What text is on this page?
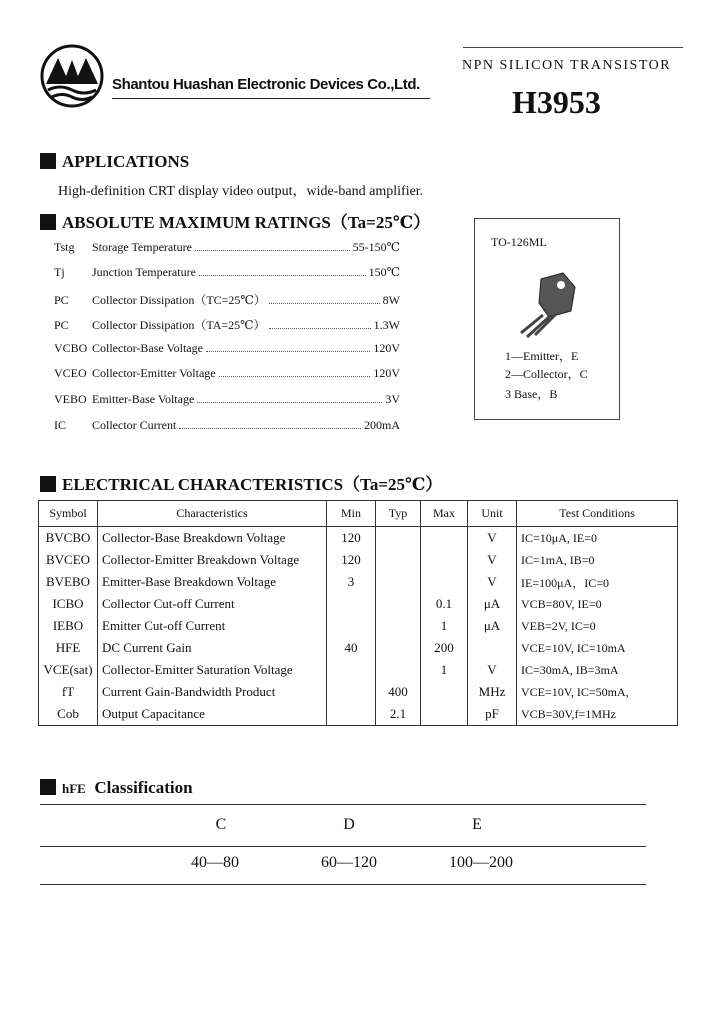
Shantou Huashan Electronic Devices Co.,Ltd.
NPN SILICON TRANSISTOR
H3953
APPLICATIONS
High-definition CRT display video output，wide-band amplifier.
ABSOLUTE MAXIMUM RATINGS（Ta=25℃）
Tstg Storage Temperature	55-150℃
Tj	Junction Temperature	150℃
PC	Collector Dissipation（TC=25℃）	8W
PC	Collector Dissipation（TA=25℃）	1.3W
VCBO Collector-Base Voltage	120V
VCEO Collector-Emitter Voltage	120V
VEBO Emitter-Base Voltage	3V
IC	Collector Current	200mA
TO-126ML
1—Emitter，E
2—Collector，C
3 Base，B
ELECTRICAL CHARACTERISTICS（Ta=25℃）
Symbol	Characteristics	Min	Typ	Max	Unit	Test Conditions
BVCBO	Collector-Base Breakdown Voltage	120			V	IC=10μA, IE=0
BVCEO	Collector-Emitter Breakdown Voltage	120			V	IC=1mA, IB=0
BVEBO	Emitter-Base Breakdown Voltage	3			V	IE=100μA，IC=0
ICBO	Collector Cut-off Current			0.1	μA	VCB=80V, IE=0
IEBO	Emitter Cut-off Current			1	μA	VEB=2V, IC=0
HFE	DC Current Gain	40		200		VCE=10V, IC=10mA
VCE(sat)	Collector-Emitter Saturation Voltage			1	V	IC=30mA, IB=3mA
fT	Current Gain-Bandwidth Product		400		MHz	VCE=10V, IC=50mA,
Cob	Output Capacitance		2.1		pF	VCB=30V,f=1MHz
hFE Classification
C	D	E
40—80	60—120	100—200
